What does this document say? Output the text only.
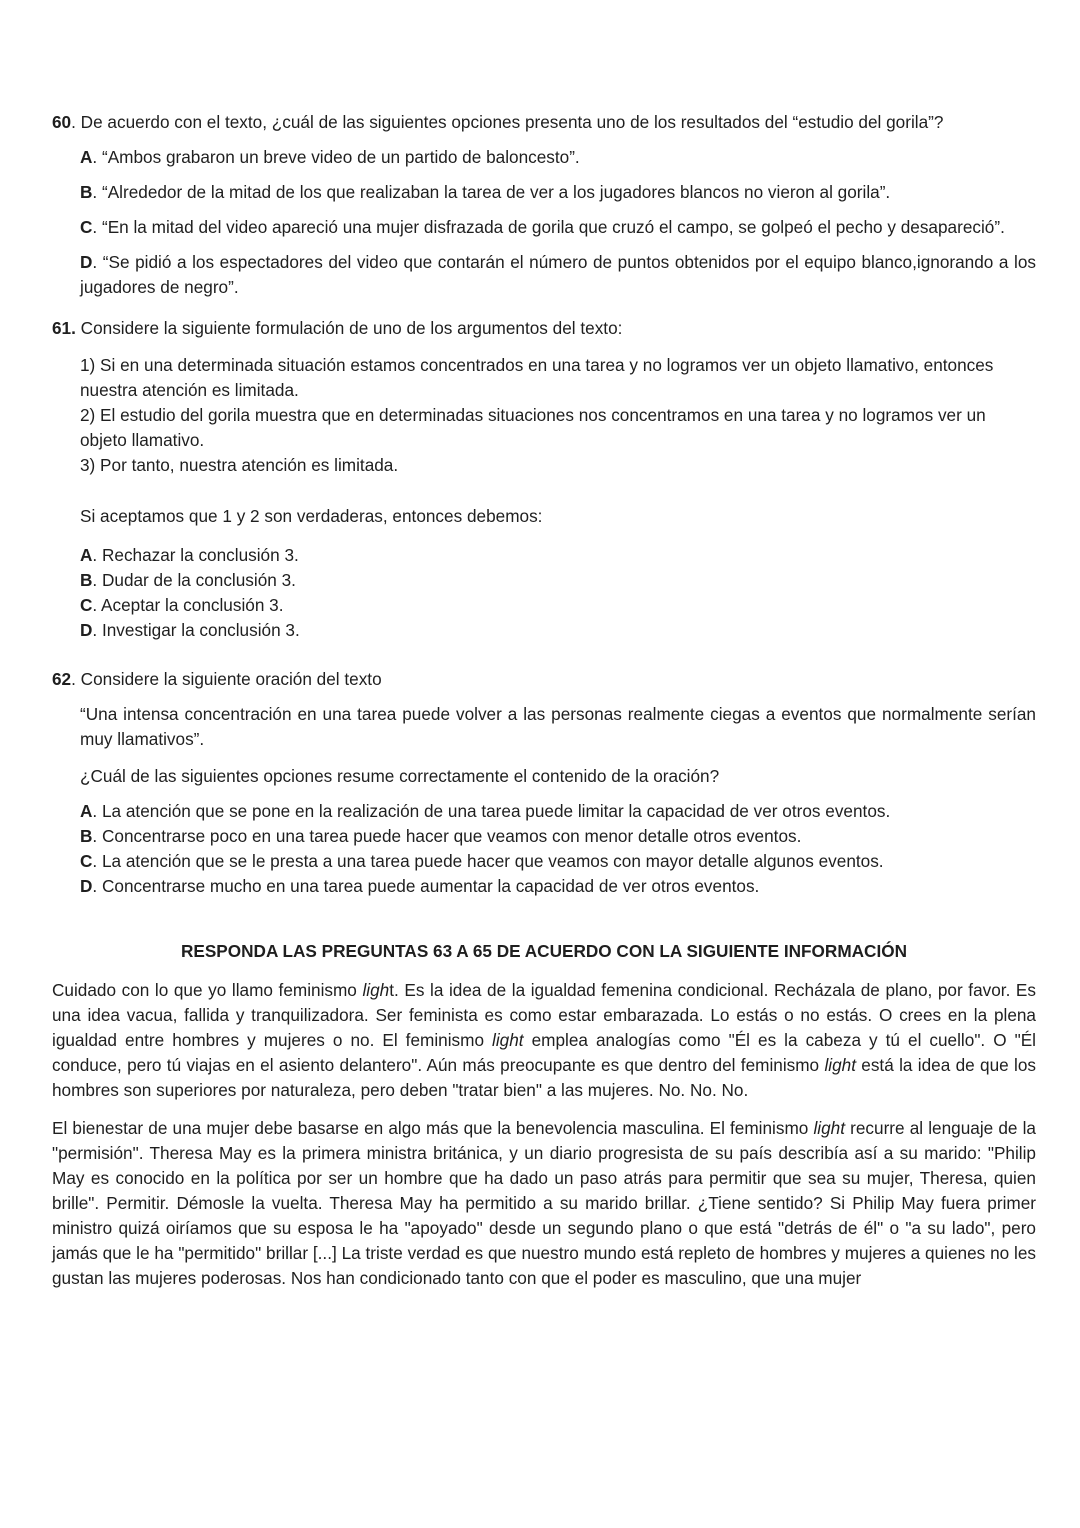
60. De acuerdo con el texto, ¿cuál de las siguientes opciones presenta uno de los resultados del “estudio del gorila”?

A. “Ambos grabaron un breve video de un partido de baloncesto”.

B. “Alrededor de la mitad de los que realizaban la tarea de ver a los jugadores blancos no vieron al gorila”.

C. “En la mitad del video apareció una mujer disfrazada de gorila que cruzó el campo, se golpeó el pecho y desapareció”.

D. “Se pidió a los espectadores del video que contarán el número de puntos obtenidos por el equipo blanco,ignorando a los jugadores de negro”.

61. Considere la siguiente formulación de uno de los argumentos del texto:

1) Si en una determinada situación estamos concentrados en una tarea y no logramos ver un objeto llamativo, entonces nuestra atención es limitada.

2) El estudio del gorila muestra que en determinadas situaciones nos concentramos en una tarea y no logramos ver un objeto llamativo.

3) Por tanto, nuestra atención es limitada.

Si aceptamos que 1 y 2 son verdaderas, entonces debemos:

A. Rechazar la conclusión 3.

B. Dudar de la conclusión 3.

C. Aceptar la conclusión 3.

D. Investigar la conclusión 3.

62. Considere la siguiente oración del texto

“Una intensa concentración en una tarea puede volver a las personas realmente ciegas a eventos que normalmente serían muy llamativos”.

¿Cuál de las siguientes opciones resume correctamente el contenido de la oración?

A. La atención que se pone en la realización de una tarea puede limitar la capacidad de ver otros eventos.

B. Concentrarse poco en una tarea puede hacer que veamos con menor detalle otros eventos.

C. La atención que se le presta a una tarea puede hacer que veamos con mayor detalle algunos eventos.

D. Concentrarse mucho en una tarea puede aumentar la capacidad de ver otros eventos.

RESPONDA LAS PREGUNTAS 63 A 65 DE ACUERDO CON LA SIGUIENTE INFORMACIÓN

Cuidado con lo que yo llamo feminismo light. Es la idea de la igualdad femenina condicional. Recházala de plano, por favor. Es una idea vacua, fallida y tranquilizadora. Ser feminista es como estar embarazada. Lo estás o no estás. O crees en la plena igualdad entre hombres y mujeres o no. El feminismo light emplea analogías como "Él es la cabeza y tú el cuello". O "Él conduce, pero tú viajas en el asiento delantero". Aún más preocupante es que dentro del feminismo light está la idea de que los hombres son superiores por naturaleza, pero deben "tratar bien" a las mujeres. No. No. No.

El bienestar de una mujer debe basarse en algo más que la benevolencia masculina. El feminismo light recurre al lenguaje de la "permisión". Theresa May es la primera ministra británica, y un diario progresista de su país describía así a su marido: "Philip May es conocido en la política por ser un hombre que ha dado un paso atrás para permitir que sea su mujer, Theresa, quien brille". Permitir. Démosle la vuelta. Theresa May ha permitido a su marido brillar. ¿Tiene sentido? Si Philip May fuera primer ministro quizá oiríamos que su esposa le ha "apoyado" desde un segundo plano o que está "detrás de él" o "a su lado", pero jamás que le ha "permitido" brillar [...] La triste verdad es que nuestro mundo está repleto de hombres y mujeres a quienes no les gustan las mujeres poderosas. Nos han condicionado tanto con que el poder es masculino, que una mujer
